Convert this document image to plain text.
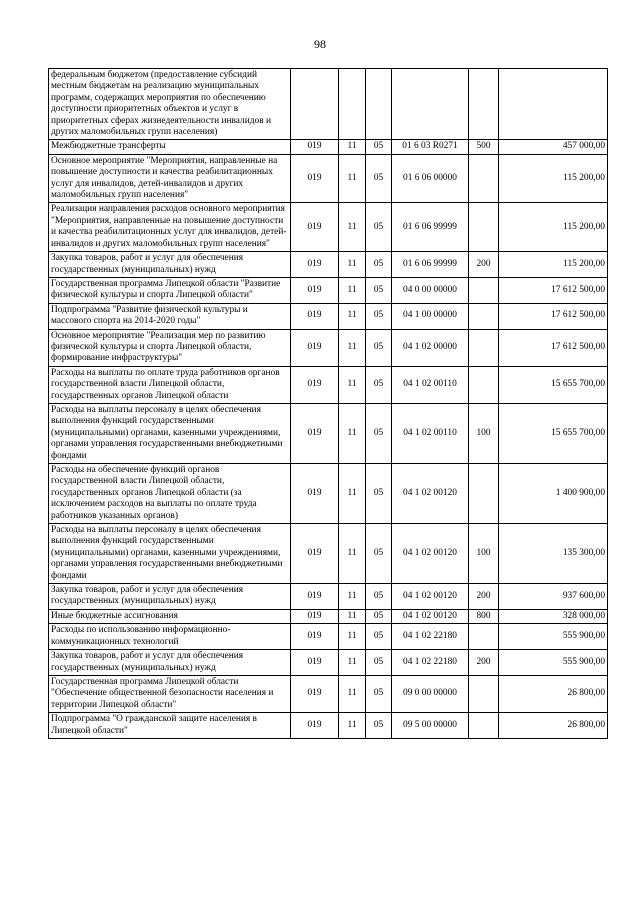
98
федеральным бюджетом (предоставление субсидий местным бюджетам на реализацию муниципальных программ, содержащих мероприятия по обеспечению доступности приоритетных объектов и услуг в приоритетных сферах жизнедеятельности инвалидов и других маломобильных групп населения)						
Межбюджетные трансферты	019	11	05	01 6 03 R0271	500	457 000,00
Основное мероприятие "Мероприятия, направленные на повышение доступности и качества реабилитационных услуг для инвалидов, детей-инвалидов и других маломобильных групп населения"	019	11	05	01 6 06 00000		115 200,00
Реализация направления расходов основного мероприятия "Мероприятия, направленные на повышение доступности и качества реабилитационных услуг для инвалидов, детей-инвалидов и других маломобильных групп населения"	019	11	05	01 6 06 99999		115 200,00
Закупка товаров, работ и услуг для обеспечения государственных (муниципальных) нужд	019	11	05	01 6 06 99999	200	115 200,00
Государственная программа Липецкой области "Развитие физической культуры и спорта Липецкой области"	019	11	05	04 0 00 00000		17 612 500,00
Подпрограмма "Развитие физической культуры и массового спорта на 2014-2020 годы"	019	11	05	04 1 00 00000		17 612 500,00
Основное мероприятие "Реализация мер по развитию физической культуры и спорта Липецкой области, формирование инфраструктуры"	019	11	05	04 1 02 00000		17 612 500,00
Расходы на выплаты по оплате труда работников органов государственной власти Липецкой области, государственных органов Липецкой области	019	11	05	04 1 02 00110		15 655 700,00
Расходы на выплаты персоналу в целях обеспечения выполнения функций государственными (муниципальными) органами, казенными учреждениями, органами управления государственными внебюджетными фондами	019	11	05	04 1 02 00110	100	15 655 700,00
Расходы на обеспечение функций органов государственной власти Липецкой области, государственных органов Липецкой области (за исключением расходов на выплаты по оплате труда работников указанных органов)	019	11	05	04 1 02 00120		1 400 900,00
Расходы на выплаты персоналу в целях обеспечения выполнения функций государственными (муниципальными) органами, казенными учреждениями, органами управления государственными внебюджетными фондами	019	11	05	04 1 02 00120	100	135 300,00
Закупка товаров, работ и услуг для обеспечения государственных (муниципальных) нужд	019	11	05	04 1 02 00120	200	937 600,00
Иные бюджетные ассигнования	019	11	05	04 1 02 00120	800	328 000,00
Расходы по использованию информационно-коммуникационных технологий	019	11	05	04 1 02 22180		555 900,00
Закупка товаров, работ и услуг для обеспечения государственных (муниципальных) нужд	019	11	05	04 1 02 22180	200	555 900,00
Государственная программа Липецкой области "Обеспечение общественной безопасности населения и территории Липецкой области"	019	11	05	09 0 00 00000		26 800,00
Подпрограмма "О гражданской защите населения в Липецкой области"	019	11	05	09 5 00 00000		26 800,00
